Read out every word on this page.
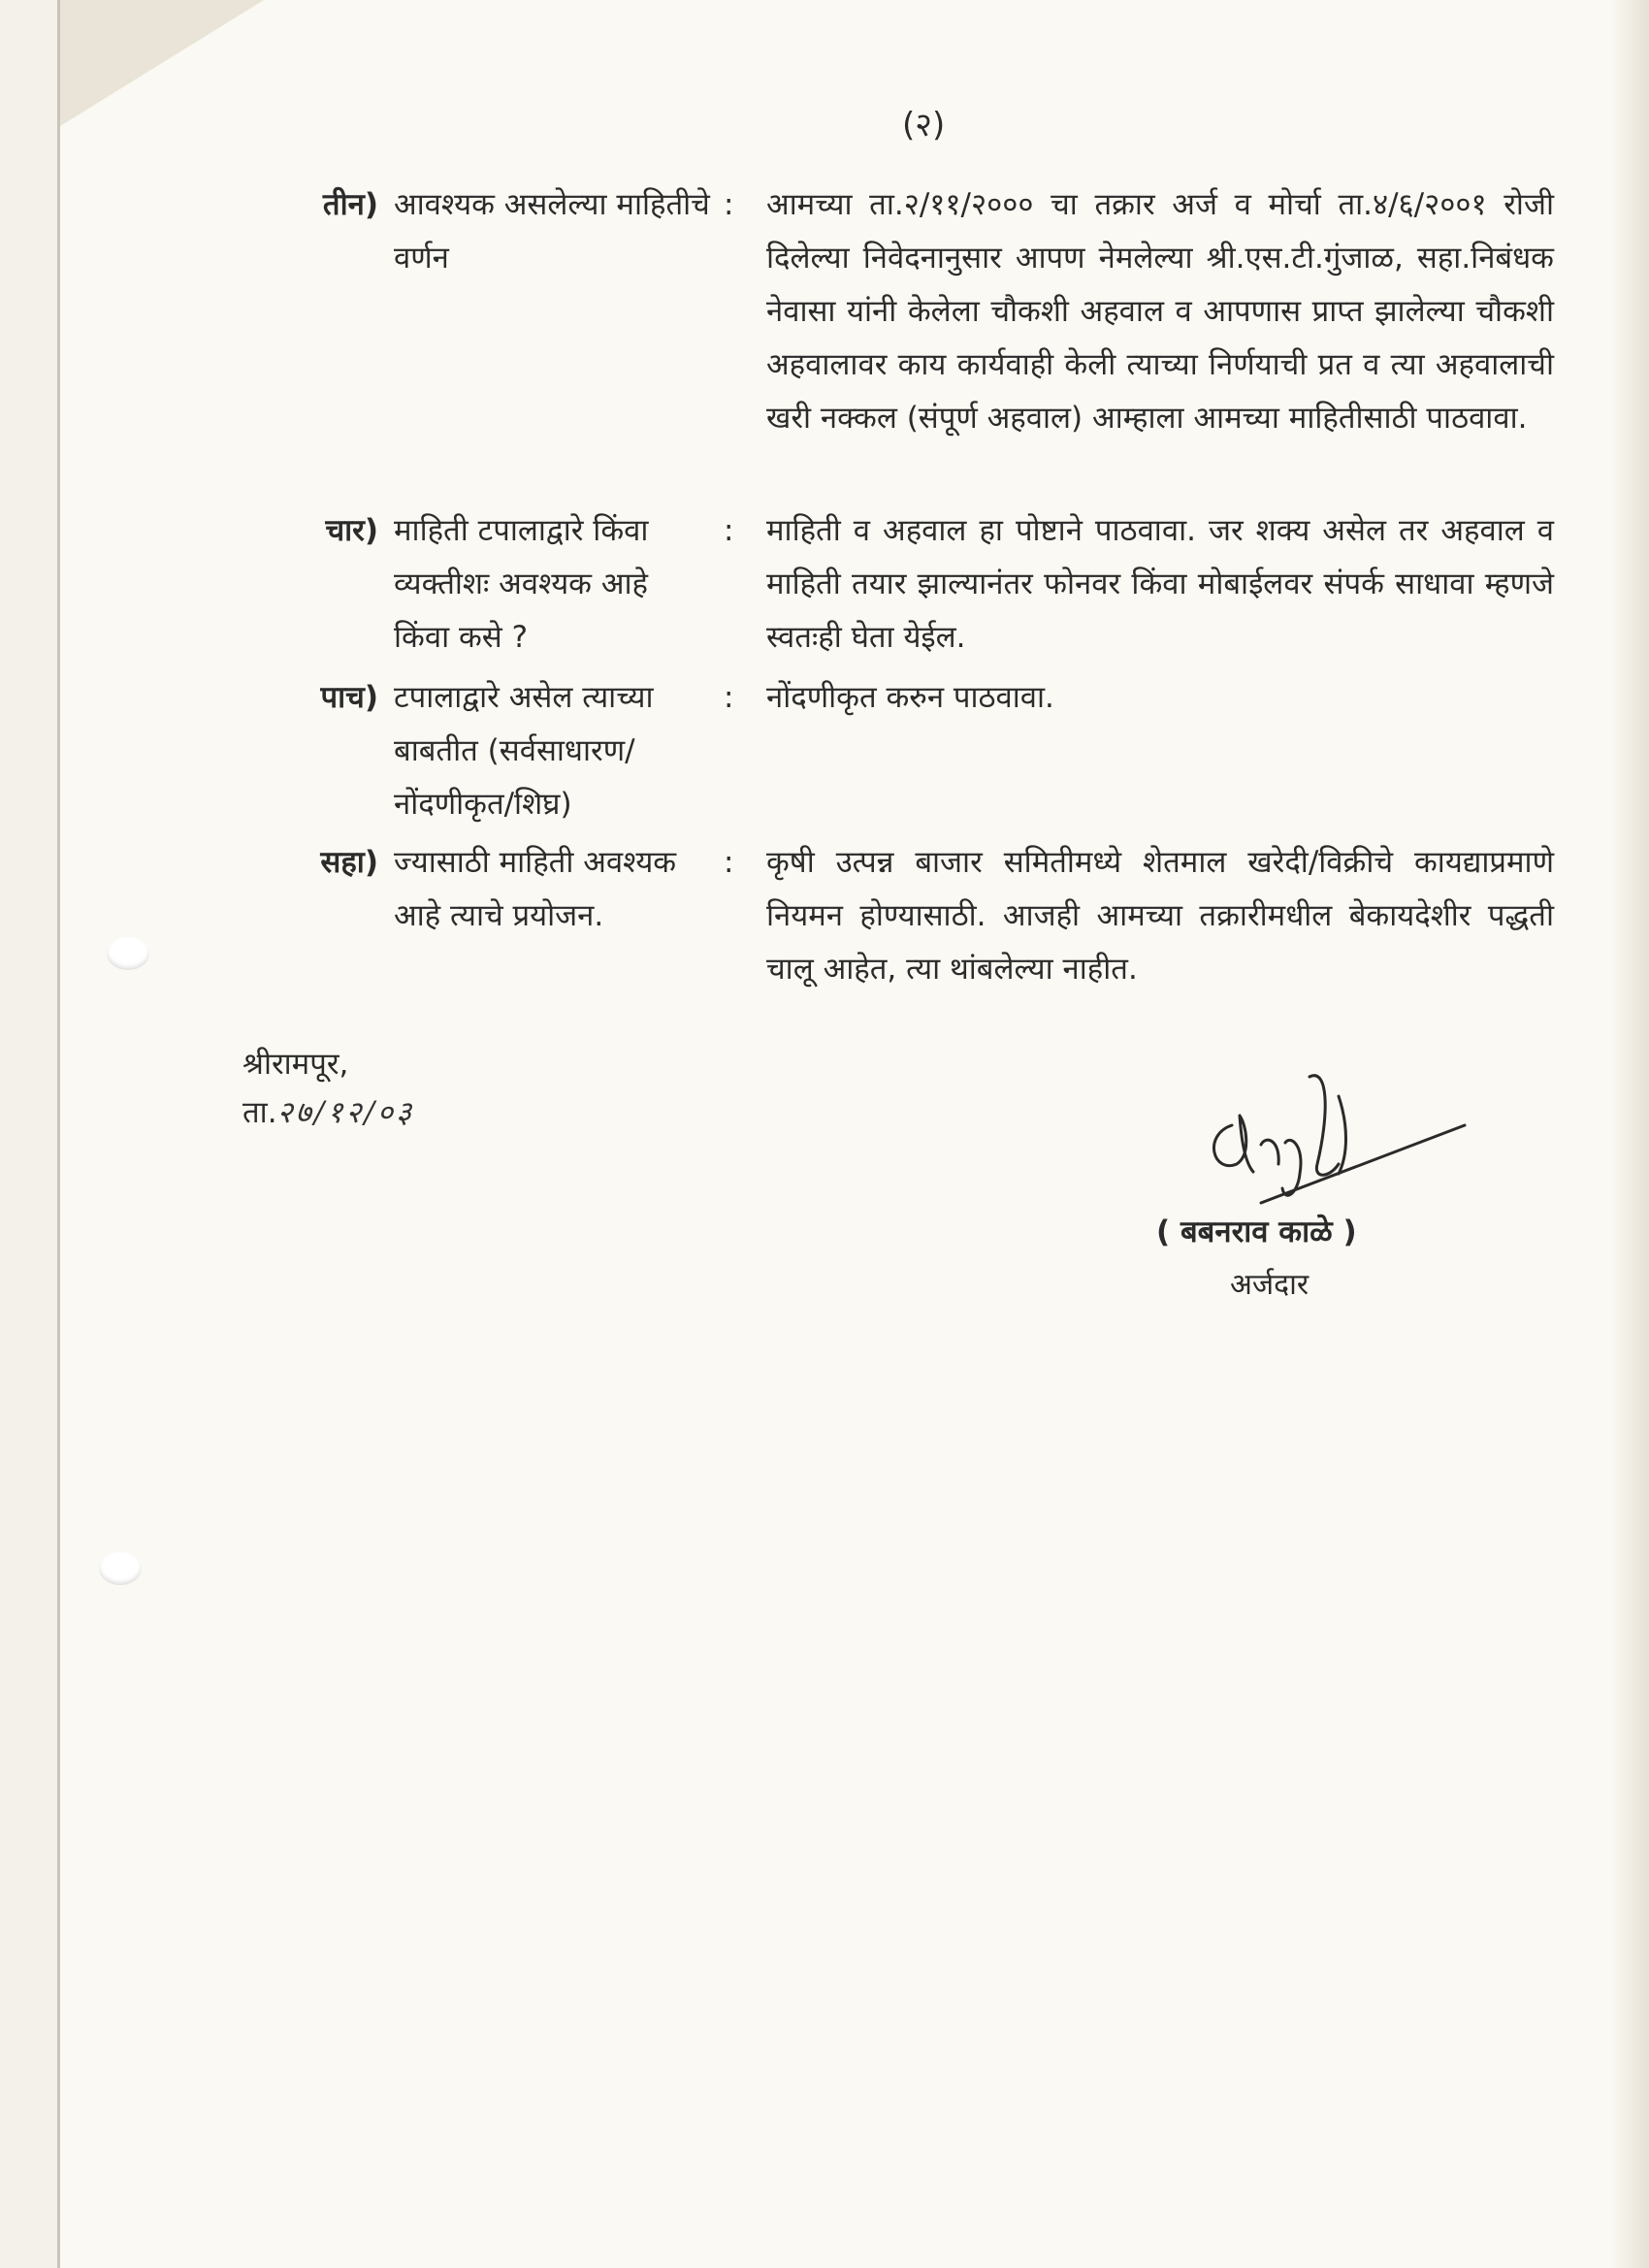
(२)
तीन) आवश्यक असलेल्या माहितीचे वर्णन
: आमच्या ता.२/११/२००० चा तक्रार अर्ज व मोर्चा ता.४/६/२००१ रोजी दिलेल्या निवेदनानुसार आपण नेमलेल्या श्री.एस.टी.गुंजाळ, सहा.निबंधक नेवासा यांनी केलेला चौकशी अहवाल व आपणास प्राप्त झालेल्या चौकशी अहवालावर काय कार्यवाही केली त्याच्या निर्णयाची प्रत व त्या अहवालाची खरी नक्कल (संपूर्ण अहवाल) आम्हाला आमच्या माहितीसाठी पाठवावा.
चार) माहिती टपालाद्वारे किंवा व्यक्तीशः अवश्यक आहे किंवा कसे ?
: माहिती व अहवाल हा पोष्टाने पाठवावा. जर शक्य असेल तर अहवाल व माहिती तयार झाल्यानंतर फोनवर किंवा मोबाईलवर संपर्क साधावा म्हणजे स्वतःही घेता येईल.
पाच) टपालाद्वारे असेल त्याच्या बाबतीत (सर्वसाधारण/ नोंदणीकृत/शिघ्र)
: नोंदणीकृत करुन पाठवावा.
सहा) ज्यासाठी माहिती अवश्यक आहे त्याचे प्रयोजन.
: कृषी उत्पन्न बाजार समितीमध्ये शेतमाल खरेदी/विक्रीचे कायद्याप्रमाणे नियमन होण्यासाठी. आजही आमच्या तक्रारीमधील बेकायदेशीर पद्धती चालू आहेत, त्या थांबलेल्या नाहीत.
श्रीरामपूर,
ता.२७/१२/०३
( बबनराव काळे )
अर्जदार
